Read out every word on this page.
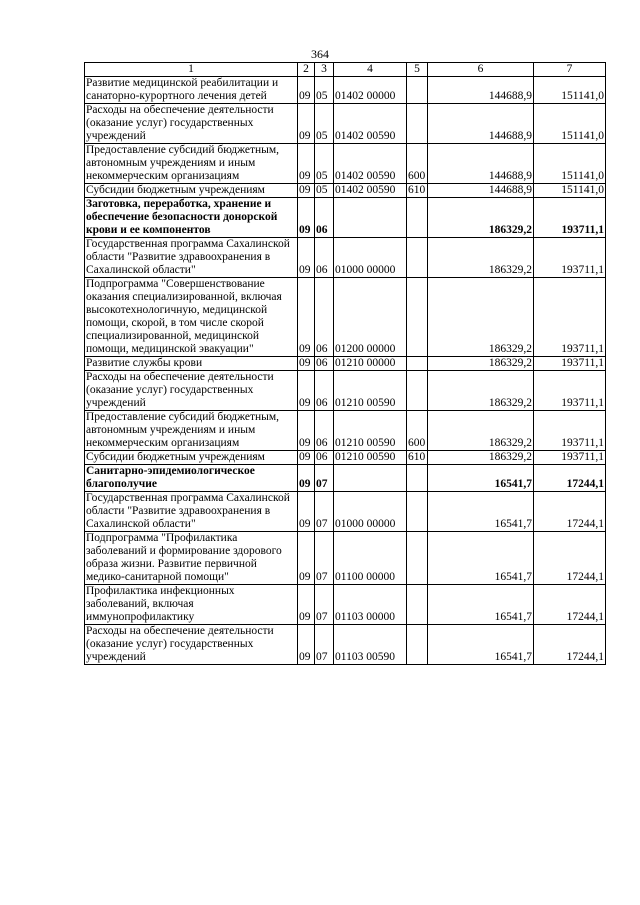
364
1	2	3	4	5	6	7
Развитие медицинской реабилитации и санаторно-курортного лечения детей	09	05	01402 00000		144688,9	151141,0
Расходы на обеспечение деятельности (оказание услуг) государственных учреждений	09	05	01402 00590		144688,9	151141,0
Предоставление субсидий бюджетным, автономным учреждениям и иным некоммерческим организациям	09	05	01402 00590	600	144688,9	151141,0
Субсидии бюджетным учреждениям	09	05	01402 00590	610	144688,9	151141,0
Заготовка, переработка, хранение и обеспечение безопасности донорской крови и ее компонентов	09	06			186329,2	193711,1
Государственная программа Сахалинской области "Развитие здравоохранения в Сахалинской области"	09	06	01000 00000		186329,2	193711,1
Подпрограмма "Совершенствование оказания специализированной, включая высокотехнологичную, медицинской помощи, скорой, в том числе скорой специализированной, медицинской помощи, медицинской эвакуации"	09	06	01200 00000		186329,2	193711,1
Развитие службы крови	09	06	01210 00000		186329,2	193711,1
Расходы на обеспечение деятельности (оказание услуг) государственных учреждений	09	06	01210 00590		186329,2	193711,1
Предоставление субсидий бюджетным, автономным учреждениям и иным некоммерческим организациям	09	06	01210 00590	600	186329,2	193711,1
Субсидии бюджетным учреждениям	09	06	01210 00590	610	186329,2	193711,1
Санитарно-эпидемиологическое благополучие	09	07			16541,7	17244,1
Государственная программа Сахалинской области "Развитие здравоохранения в Сахалинской области"	09	07	01000 00000		16541,7	17244,1
Подпрограмма "Профилактика заболеваний и формирование здорового образа жизни. Развитие первичной медико-санитарной помощи"	09	07	01100 00000		16541,7	17244,1
Профилактика инфекционных заболеваний, включая иммунопрофилактику	09	07	01103 00000		16541,7	17244,1
Расходы на обеспечение деятельности (оказание услуг) государственных учреждений	09	07	01103 00590		16541,7	17244,1
